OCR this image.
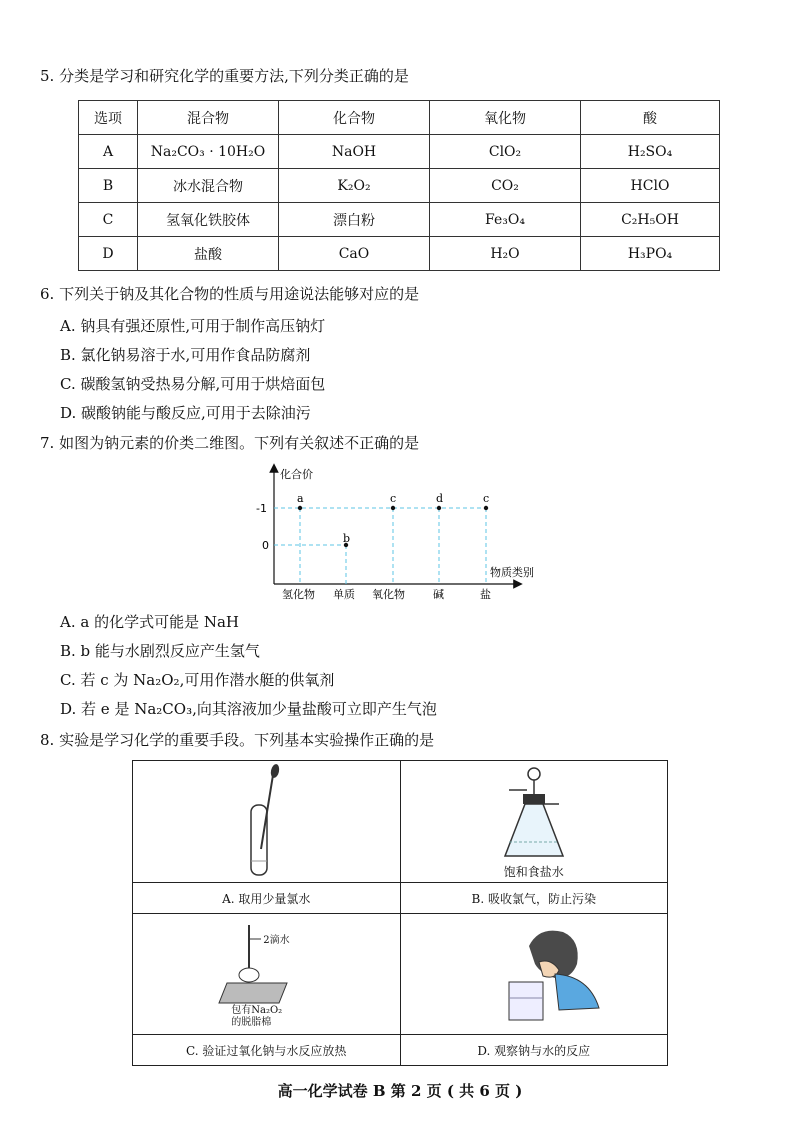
5. 分类是学习和研究化学的重要方法,下列分类正确的是
选项	混合物	化合物	氧化物	酸
A	Na₂CO₃ · 10H₂O	NaOH	ClO₂	H₂SO₄
B	冰水混合物	K₂O₂	CO₂	HClO
C	氢氧化铁胶体	漂白粉	Fe₃O₄	C₂H₅OH
D	盐酸	CaO	H₂O	H₃PO₄
6. 下列关于钠及其化合物的性质与用途说法能够对应的是
A. 钠具有强还原性,可用于制作高压钠灯
B. 氯化钠易溶于水,可用作食品防腐剂
C. 碳酸氢钠受热易分解,可用于烘焙面包
D. 碳酸钠能与酸反应,可用于去除油污
7. 如图为钠元素的价类二维图。下列有关叙述不正确的是
化合价
物质类别
-1
0
a
b
c	d	c
氢化物 单质 氧化物	碱	盐
A. a 的化学式可能是 NaH
B. b 能与水剧烈反应产生氢气
C. 若 c 为 Na₂O₂,可用作潜水艇的供氧剂
D. 若 e 是 Na₂CO₃,向其溶液加少量盐酸可立即产生气泡
8. 实验是学习化学的重要手段。下列基本实验操作正确的是

饱和食盐水

A. 取用少量氯水	B. 吸收氯气，防止污染

2滴水
包有Na₂O₂
的脱脂棉

C. 验证过氧化钠与水反应放热	D. 观察钠与水的反应
高一化学试卷 B 第 2 页 ( 共 6 页 )
